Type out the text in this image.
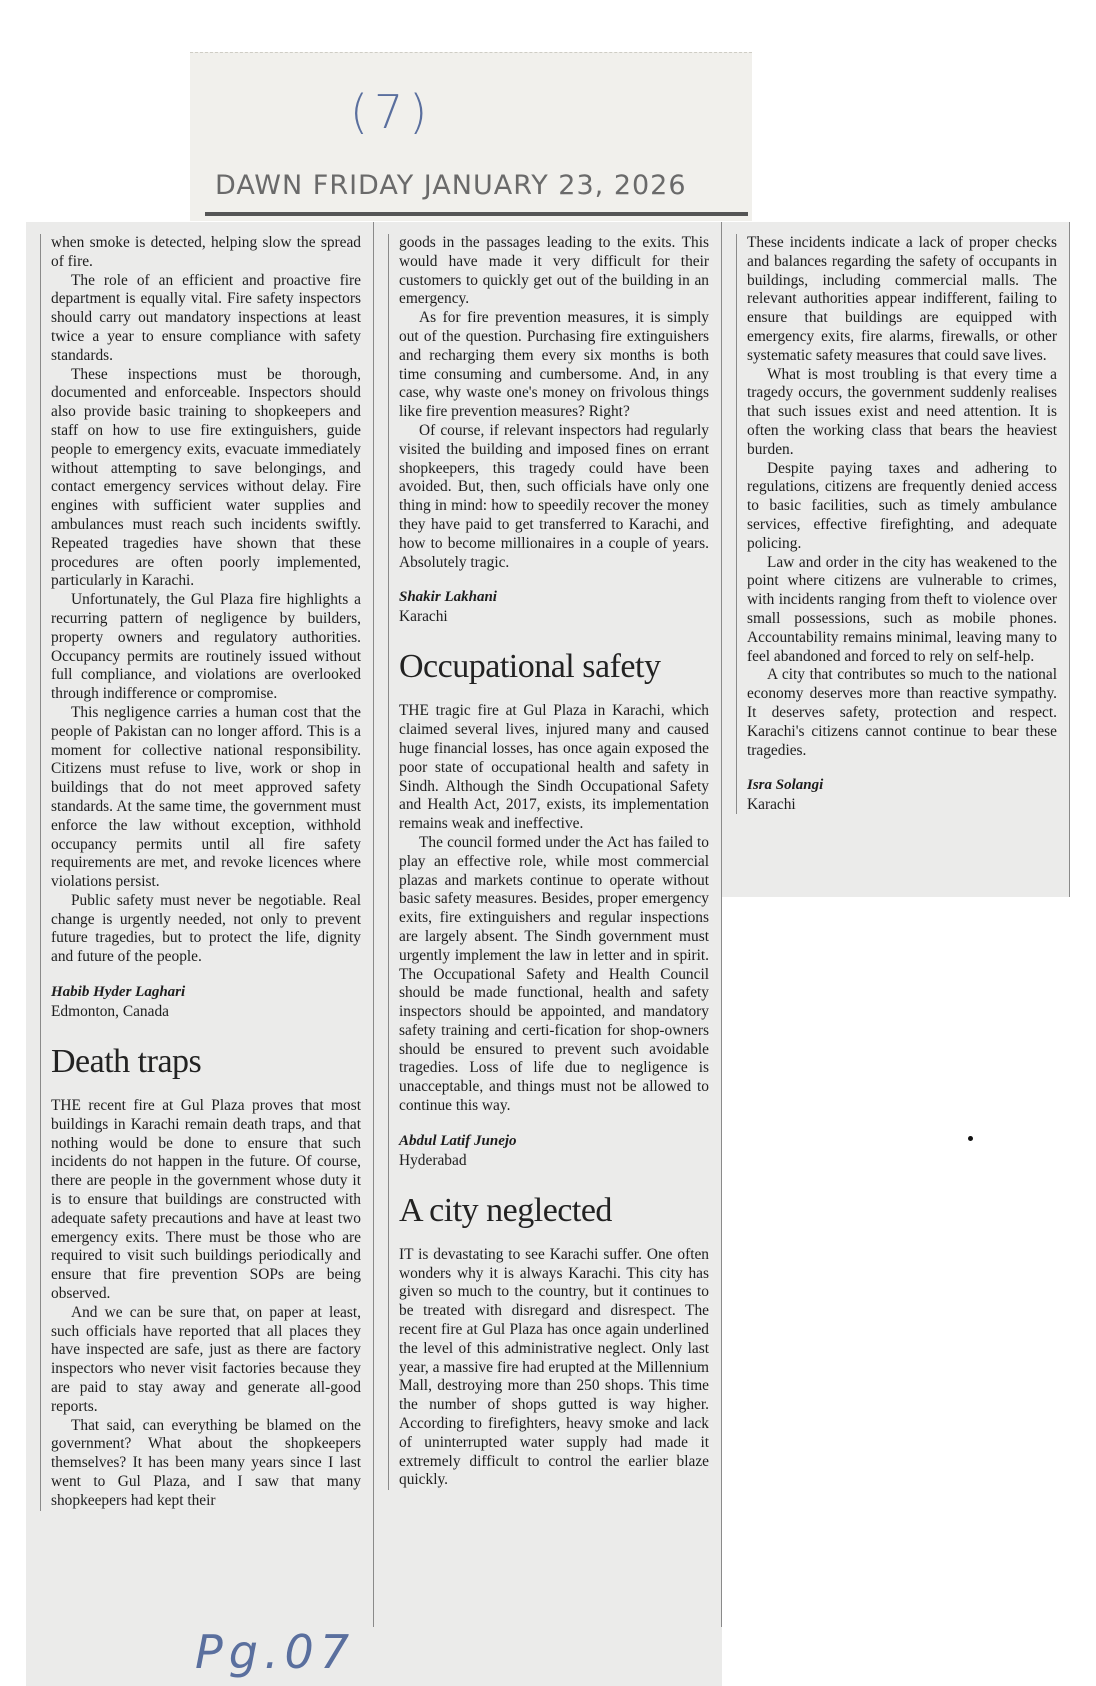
(7)
DAWN FRIDAY JANUARY 23, 2026

when smoke is detected, helping slow the spread of fire.

The role of an efficient and proactive fire department is equally vital. Fire safety inspectors should carry out mandatory inspections at least twice a year to ensure compliance with safety standards.

These inspections must be thorough, documented and enforceable. Inspectors should also provide basic training to shopkeepers and staff on how to use fire extinguishers, guide people to emergency exits, evacuate immediately without attempting to save belongings, and contact emergency services without delay. Fire engines with sufficient water supplies and ambulances must reach such incidents swiftly. Repeated tragedies have shown that these procedures are often poorly implemented, particularly in Karachi.

Unfortunately, the Gul Plaza fire highlights a recurring pattern of negligence by builders, property owners and regulatory authorities. Occupancy permits are routinely issued without full compliance, and violations are overlooked through indifference or compromise.

This negligence carries a human cost that the people of Pakistan can no longer afford. This is a moment for collective national responsibility. Citizens must refuse to live, work or shop in buildings that do not meet approved safety standards. At the same time, the government must enforce the law without exception, withhold occupancy permits until all fire safety requirements are met, and revoke licences where violations persist.

Public safety must never be negotiable. Real change is urgently needed, not only to prevent future tragedies, but to protect the life, dignity and future of the people.

Habib Hyder Laghari
Edmonton, Canada
Death traps

THE recent fire at Gul Plaza proves that most buildings in Karachi remain death traps, and that nothing would be done to ensure that such incidents do not happen in the future. Of course, there are people in the government whose duty it is to ensure that buildings are constructed with adequate safety precautions and have at least two emergency exits. There must be those who are required to visit such buildings periodically and ensure that fire prevention SOPs are being observed.

And we can be sure that, on paper at least, such officials have reported that all places they have inspected are safe, just as there are factory inspectors who never visit factories because they are paid to stay away and generate all-good reports.

That said, can everything be blamed on the government? What about the shopkeepers themselves? It has been many years since I last went to Gul Plaza, and I saw that many shopkeepers had kept their

goods in the passages leading to the exits. This would have made it very difficult for their customers to quickly get out of the building in an emergency.

As for fire prevention measures, it is simply out of the question. Purchasing fire extinguishers and recharging them every six months is both time consuming and cumbersome. And, in any case, why waste one's money on frivolous things like fire prevention measures? Right?

Of course, if relevant inspectors had regularly visited the building and imposed fines on errant shopkeepers, this tragedy could have been avoided. But, then, such officials have only one thing in mind: how to speedily recover the money they have paid to get transferred to Karachi, and how to become millionaires in a couple of years. Absolutely tragic.

Shakir Lakhani
Karachi
Occupational safety

THE tragic fire at Gul Plaza in Karachi, which claimed several lives, injured many and caused huge financial losses, has once again exposed the poor state of occupational health and safety in Sindh. Although the Sindh Occupational Safety and Health Act, 2017, exists, its implementation remains weak and ineffective.

The council formed under the Act has failed to play an effective role, while most commercial plazas and markets continue to operate without basic safety measures. Besides, proper emergency exits, fire extinguishers and regular inspections are largely absent. The Sindh government must urgently implement the law in letter and in spirit. The Occupational Safety and Health Council should be made functional, health and safety inspectors should be appointed, and mandatory safety training and certi-fication for shop-owners should be ensured to prevent such avoidable tragedies. Loss of life due to negligence is unacceptable, and things must not be allowed to continue this way.

Abdul Latif Junejo
Hyderabad
A city neglected

IT is devastating to see Karachi suffer. One often wonders why it is always Karachi. This city has given so much to the country, but it continues to be treated with disregard and disrespect. The recent fire at Gul Plaza has once again underlined the level of this administrative neglect. Only last year, a massive fire had erupted at the Millennium Mall, destroying more than 250 shops. This time the number of shops gutted is way higher. According to firefighters, heavy smoke and lack of uninterrupted water supply had made it extremely difficult to control the earlier blaze quickly.

These incidents indicate a lack of proper checks and balances regarding the safety of occupants in buildings, including commercial malls. The relevant authorities appear indifferent, failing to ensure that buildings are equipped with emergency exits, fire alarms, firewalls, or other systematic safety measures that could save lives.

What is most troubling is that every time a tragedy occurs, the government suddenly realises that such issues exist and need attention. It is often the working class that bears the heaviest burden.

Despite paying taxes and adhering to regulations, citizens are frequently denied access to basic facilities, such as timely ambulance services, effective firefighting, and adequate policing.

Law and order in the city has weakened to the point where citizens are vulnerable to crimes, with incidents ranging from theft to violence over small possessions, such as mobile phones. Accountability remains minimal, leaving many to feel abandoned and forced to rely on self-help.

A city that contributes so much to the national economy deserves more than reactive sympathy. It deserves safety, protection and respect. Karachi's citizens cannot continue to bear these tragedies.

Isra Solangi
Karachi
Pg.07
